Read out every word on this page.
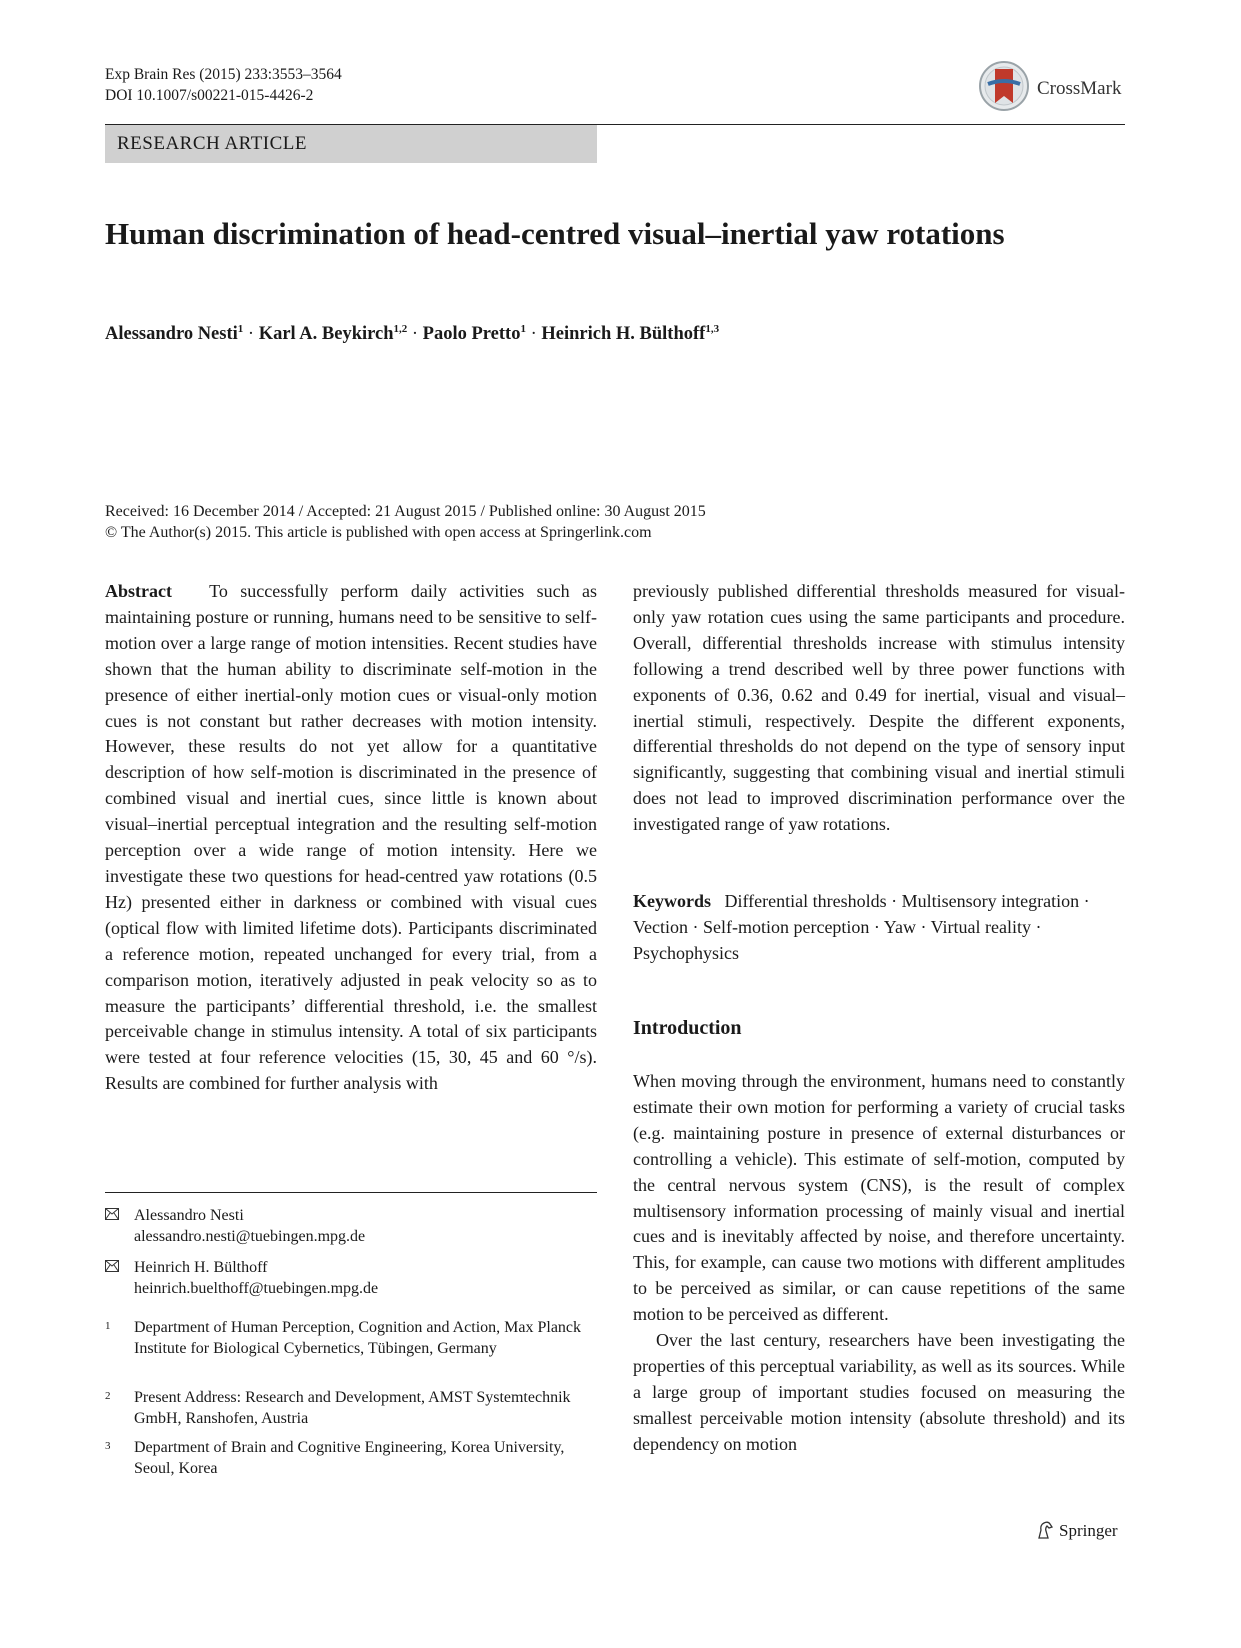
Exp Brain Res (2015) 233:3553–3564
DOI 10.1007/s00221-015-4426-2	CrossMark
RESEARCH ARTICLE
Human discrimination of head-centred visual–inertial yaw rotations
Alessandro Nesti$^1$ · Karl A. Beykirch$^{1,2}$ · Paolo Pretto$^1$ · Heinrich H. Bülthoff$^{1,3}$
Received: 16 December 2014 / Accepted: 21 August 2015 / Published online: 30 August 2015
© The Author(s) 2015. This article is published with open access at Springerlink.com

Abstract To successfully perform daily activities such as maintaining posture or running, humans need to be sensitive to self-motion over a large range of motion intensities. Recent studies have shown that the human ability to discriminate self-motion in the presence of either inertial-only motion cues or visual-only motion cues is not constant but rather decreases with motion intensity. However, these results do not yet allow for a quantitative description of how self-motion is discriminated in the presence of combined visual and inertial cues, since little is known about visual–inertial perceptual integration and the resulting self-motion perception over a wide range of motion intensity. Here we investigate these two questions for head-centred yaw rotations (0.5 Hz) presented either in darkness or combined with visual cues (optical flow with limited lifetime dots). Participants discriminated a reference motion, repeated unchanged for every trial, from a comparison motion, iteratively adjusted in peak velocity so as to measure the participants’ differential threshold, i.e. the smallest perceivable change in stimulus intensity. A total of six participants were tested at four reference velocities (15, 30, 45 and 60 °/s). Results are combined for further analysis with

previously published differential thresholds measured for visual-only yaw rotation cues using the same participants and procedure. Overall, differential thresholds increase with stimulus intensity following a trend described well by three power functions with exponents of 0.36, 0.62 and 0.49 for inertial, visual and visual–inertial stimuli, respectively. Despite the different exponents, differential thresholds do not depend on the type of sensory input significantly, suggesting that combining visual and inertial stimuli does not lead to improved discrimination performance over the investigated range of yaw rotations.

Keywords Differential thresholds · Multisensory integration · Vection · Self-motion perception · Yaw · Virtual reality · Psychophysics
Introduction

When moving through the environment, humans need to constantly estimate their own motion for performing a variety of crucial tasks (e.g. maintaining posture in presence of external disturbances or controlling a vehicle). This estimate of self-motion, computed by the central nervous system (CNS), is the result of complex multisensory information processing of mainly visual and inertial cues and is inevitably affected by noise, and therefore uncertainty. This, for example, can cause two motions with different amplitudes to be perceived as similar, or can cause repetitions of the same motion to be perceived as different.

Over the last century, researchers have been investigating the properties of this perceptual variability, as well as its sources. While a large group of important studies focused on measuring the smallest perceivable motion intensity (absolute threshold) and its dependency on motion

Alessandro Nesti
alessandro.nesti@tuebingen.mpg.de
Heinrich H. Bülthoff
heinrich.buelthoff@tuebingen.mpg.de
1 Department of Human Perception, Cognition and Action, Max Planck Institute for Biological Cybernetics, Tübingen, Germany
2 Present Address: Research and Development, AMST Systemtechnik GmbH, Ranshofen, Austria
3 Department of Brain and Cognitive Engineering, Korea University, Seoul, Korea
Springer
